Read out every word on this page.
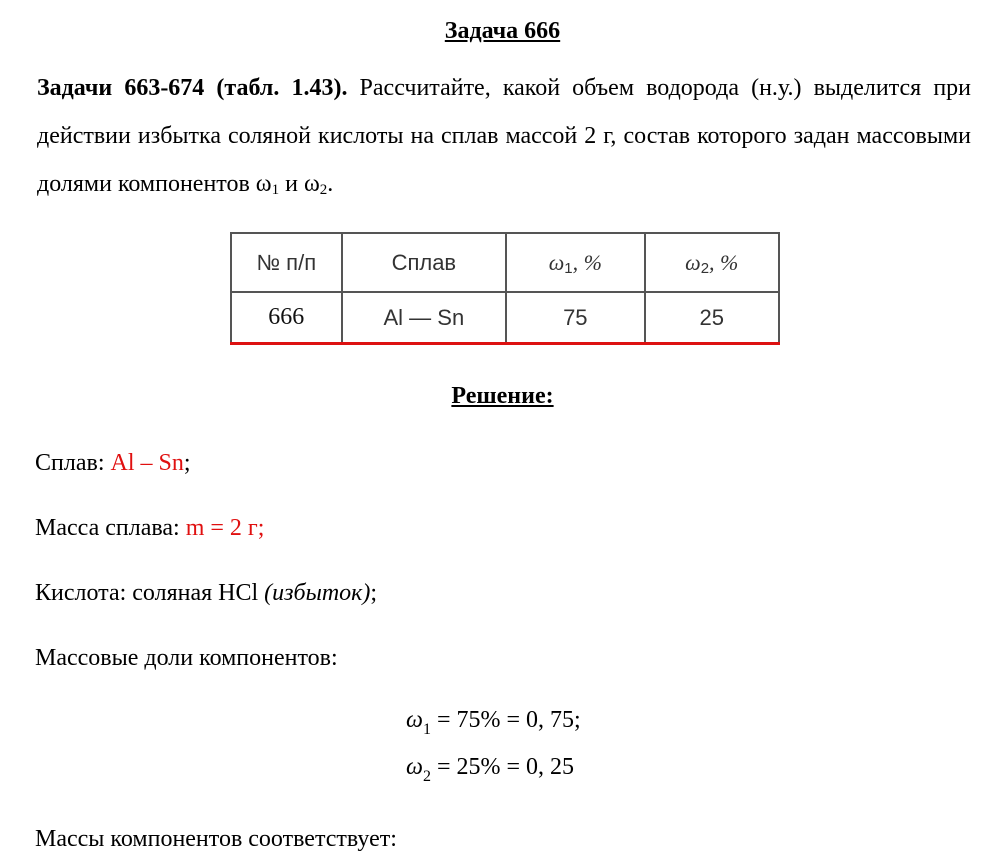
Задача 666
Задачи 663-674 (табл. 1.43). Рассчитайте, какой объем водорода (н.у.) выделится при действии избытка соляной кислоты на сплав массой 2 г, состав которого задан массовыми долями компонентов $\omega_1$ и $\omega_2$.
№ п/п	Сплав	$\omega_1$, %	$\omega_2$, %
666	Al — Sn	75	25
Решение:
Сплав: Al – Sn;
Масса сплава: m = 2 г;
Кислота: соляная HCl (избыток);
Массовые доли компонентов:
$\omega_1 = 75\% = 0$, 75;
$\omega_2 = 25\% = 0$, 25
Массы компонентов соответствует:
